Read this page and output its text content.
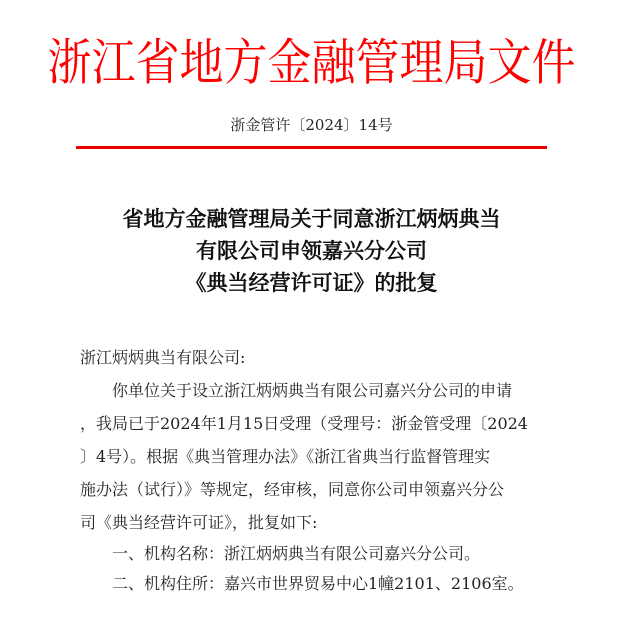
浙江省地方金融管理局文件
浙金管许〔2024〕14号
省地方金融管理局关于同意浙江炳炳典当
有限公司申领嘉兴分公司
《典当经营许可证》的批复
浙江炳炳典当有限公司:
你单位关于设立浙江炳炳典当有限公司嘉兴分公司的申请
，我局已于2024年1月15日受理（受理号：浙金管受理〔2024
〕4号）。根据《典当管理办法》《浙江省典当行监督管理实
施办法（试行）》等规定，经审核，同意你公司申领嘉兴分公
司《典当经营许可证》，批复如下:
一、机构名称：浙江炳炳典当有限公司嘉兴分公司。
二、机构住所：嘉兴市世界贸易中心1幢2101、2106室。
